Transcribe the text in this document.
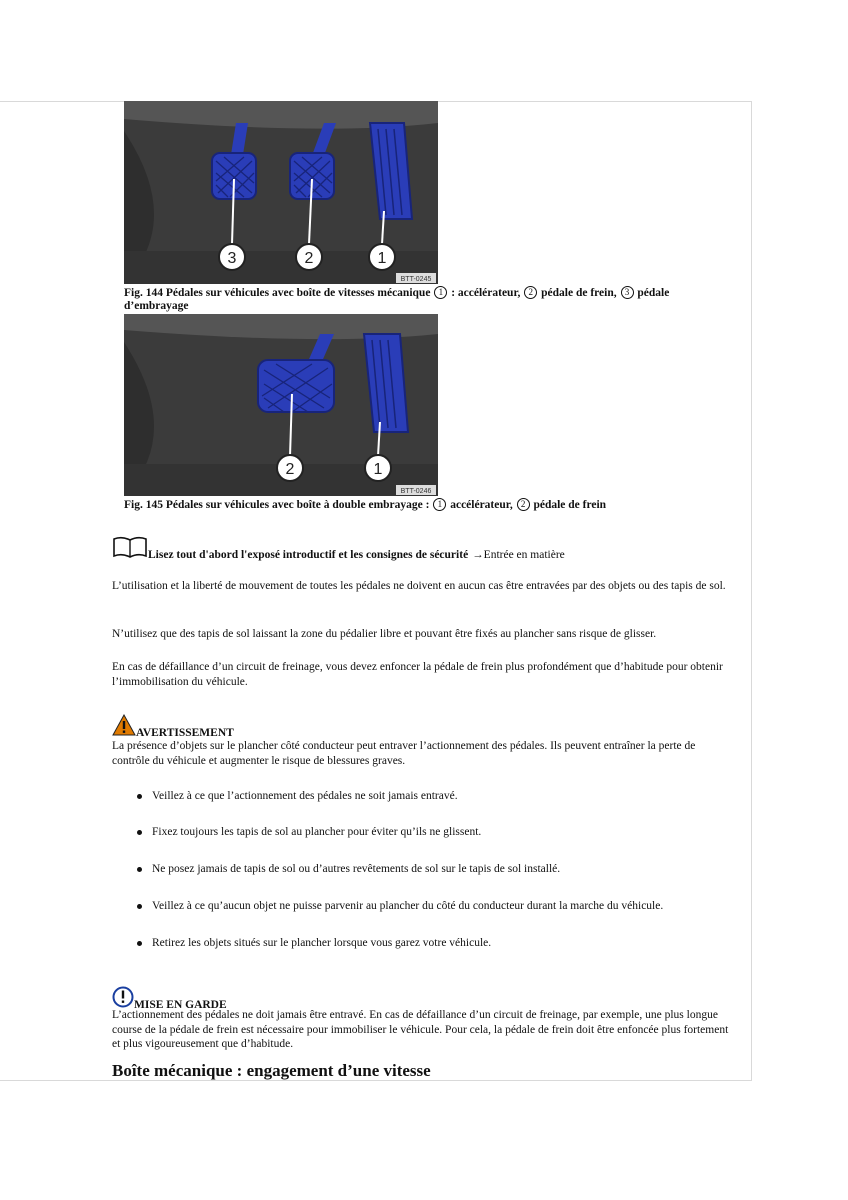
3	2	1
BTT-0245
Fig. 144 Pédales sur véhicules avec boîte de vitesses mécanique 1 : accélérateur, 2 pédale de frein, 3 pédale d’embrayage
2	1
BTT-0246
Fig. 145 Pédales sur véhicules avec boîte à double embrayage : 1 accélérateur, 2 pédale de frein
Lisez tout d'abord l'exposé introductif et les consignes de sécurité →Entrée en matière
L’utilisation et la liberté de mouvement de toutes les pédales ne doivent en aucun cas être entravées par des objets ou des tapis de sol.
N’utilisez que des tapis de sol laissant la zone du pédalier libre et pouvant être fixés au plancher sans risque de glisser.
En cas de défaillance d’un circuit de freinage, vous devez enfoncer la pédale de frein plus profondément que d’habitude pour obtenir l’immobilisation du véhicule.
AVERTISSEMENT
La présence d’objets sur le plancher côté conducteur peut entraver l’actionnement des pédales. Ils peuvent entraîner la perte de contrôle du véhicule et augmenter le risque de blessures graves.
Veillez à ce que l’actionnement des pédales ne soit jamais entravé.
Fixez toujours les tapis de sol au plancher pour éviter qu’ils ne glissent.
Ne posez jamais de tapis de sol ou d’autres revêtements de sol sur le tapis de sol installé.
Veillez à ce qu’aucun objet ne puisse parvenir au plancher du côté du conducteur durant la marche du véhicule.
Retirez les objets situés sur le plancher lorsque vous garez votre véhicule.
MISE EN GARDE
L’actionnement des pédales ne doit jamais être entravé. En cas de défaillance d’un circuit de freinage, par exemple, une plus longue course de la pédale de frein est nécessaire pour immobiliser le véhicule. Pour cela, la pédale de frein doit être enfoncée plus fortement et plus vigoureusement que d’habitude.
Boîte mécanique : engagement d’une vitesse
